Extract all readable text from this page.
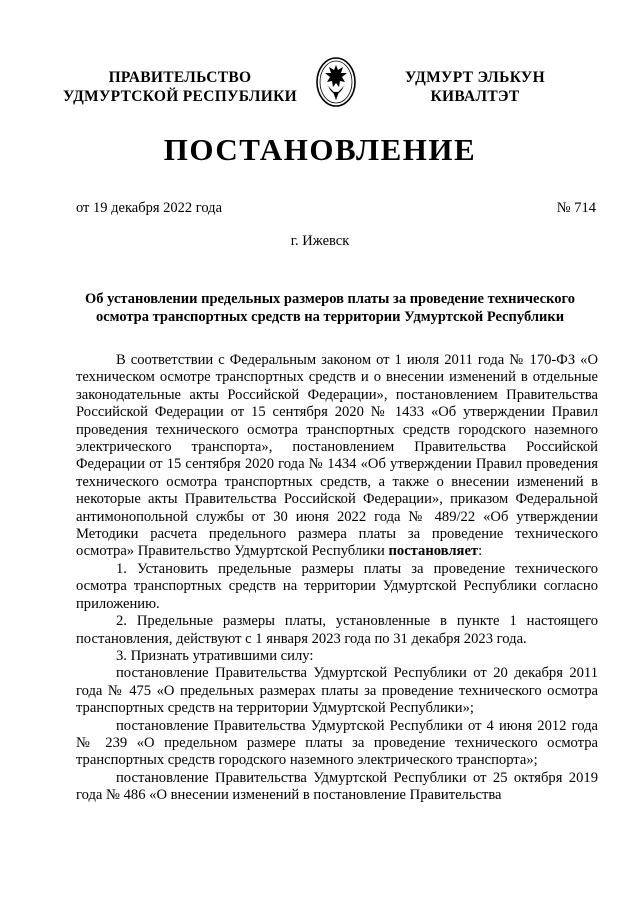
ПРАВИТЕЛЬСТВО
УДМУРТСКОЙ РЕСПУБЛИКИ
УДМУРТ ЭЛЬКУН
КИВАЛТЭТ
ПОСТАНОВЛЕНИЕ
от 19 декабря 2022 года	№ 714
г. Ижевск
Об установлении предельных размеров платы за проведение технического осмотра транспортных средств на территории Удмуртской Республики

В соответствии с Федеральным законом от 1 июля 2011 года № 170-ФЗ «О техническом осмотре транспортных средств и о внесении изменений в отдельные законодательные акты Российской Федерации», постановлением Правительства Российской Федерации от 15 сентября 2020 № 1433 «Об утверждении Правил проведения технического осмотра транспортных средств городского наземного электрического транспорта», постановлением Правительства Российской Федерации от 15 сентября 2020 года № 1434 «Об утверждении Правил проведения технического осмотра транспортных средств, а также о внесении изменений в некоторые акты Правительства Российской Федерации», приказом Федеральной антимонопольной службы от 30 июня 2022 года № 489/22 «Об утверждении Методики расчета предельного размера платы за проведение технического осмотра» Правительство Удмуртской Республики постановляет:

1. Установить предельные размеры платы за проведение технического осмотра транспортных средств на территории Удмуртской Республики согласно приложению.

2. Предельные размеры платы, установленные в пункте 1 настоящего постановления, действуют с 1 января 2023 года по 31 декабря 2023 года.

3. Признать утратившими силу:

постановление Правительства Удмуртской Республики от 20 декабря 2011 года № 475 «О предельных размерах платы за проведение технического осмотра транспортных средств на территории Удмуртской Республики»;

постановление Правительства Удмуртской Республики от 4 июня 2012 года № 239 «О предельном размере платы за проведение технического осмотра транспортных средств городского наземного электрического транспорта»;

постановление Правительства Удмуртской Республики от 25 октября 2019 года № 486 «О внесении изменений в постановление Правительства
